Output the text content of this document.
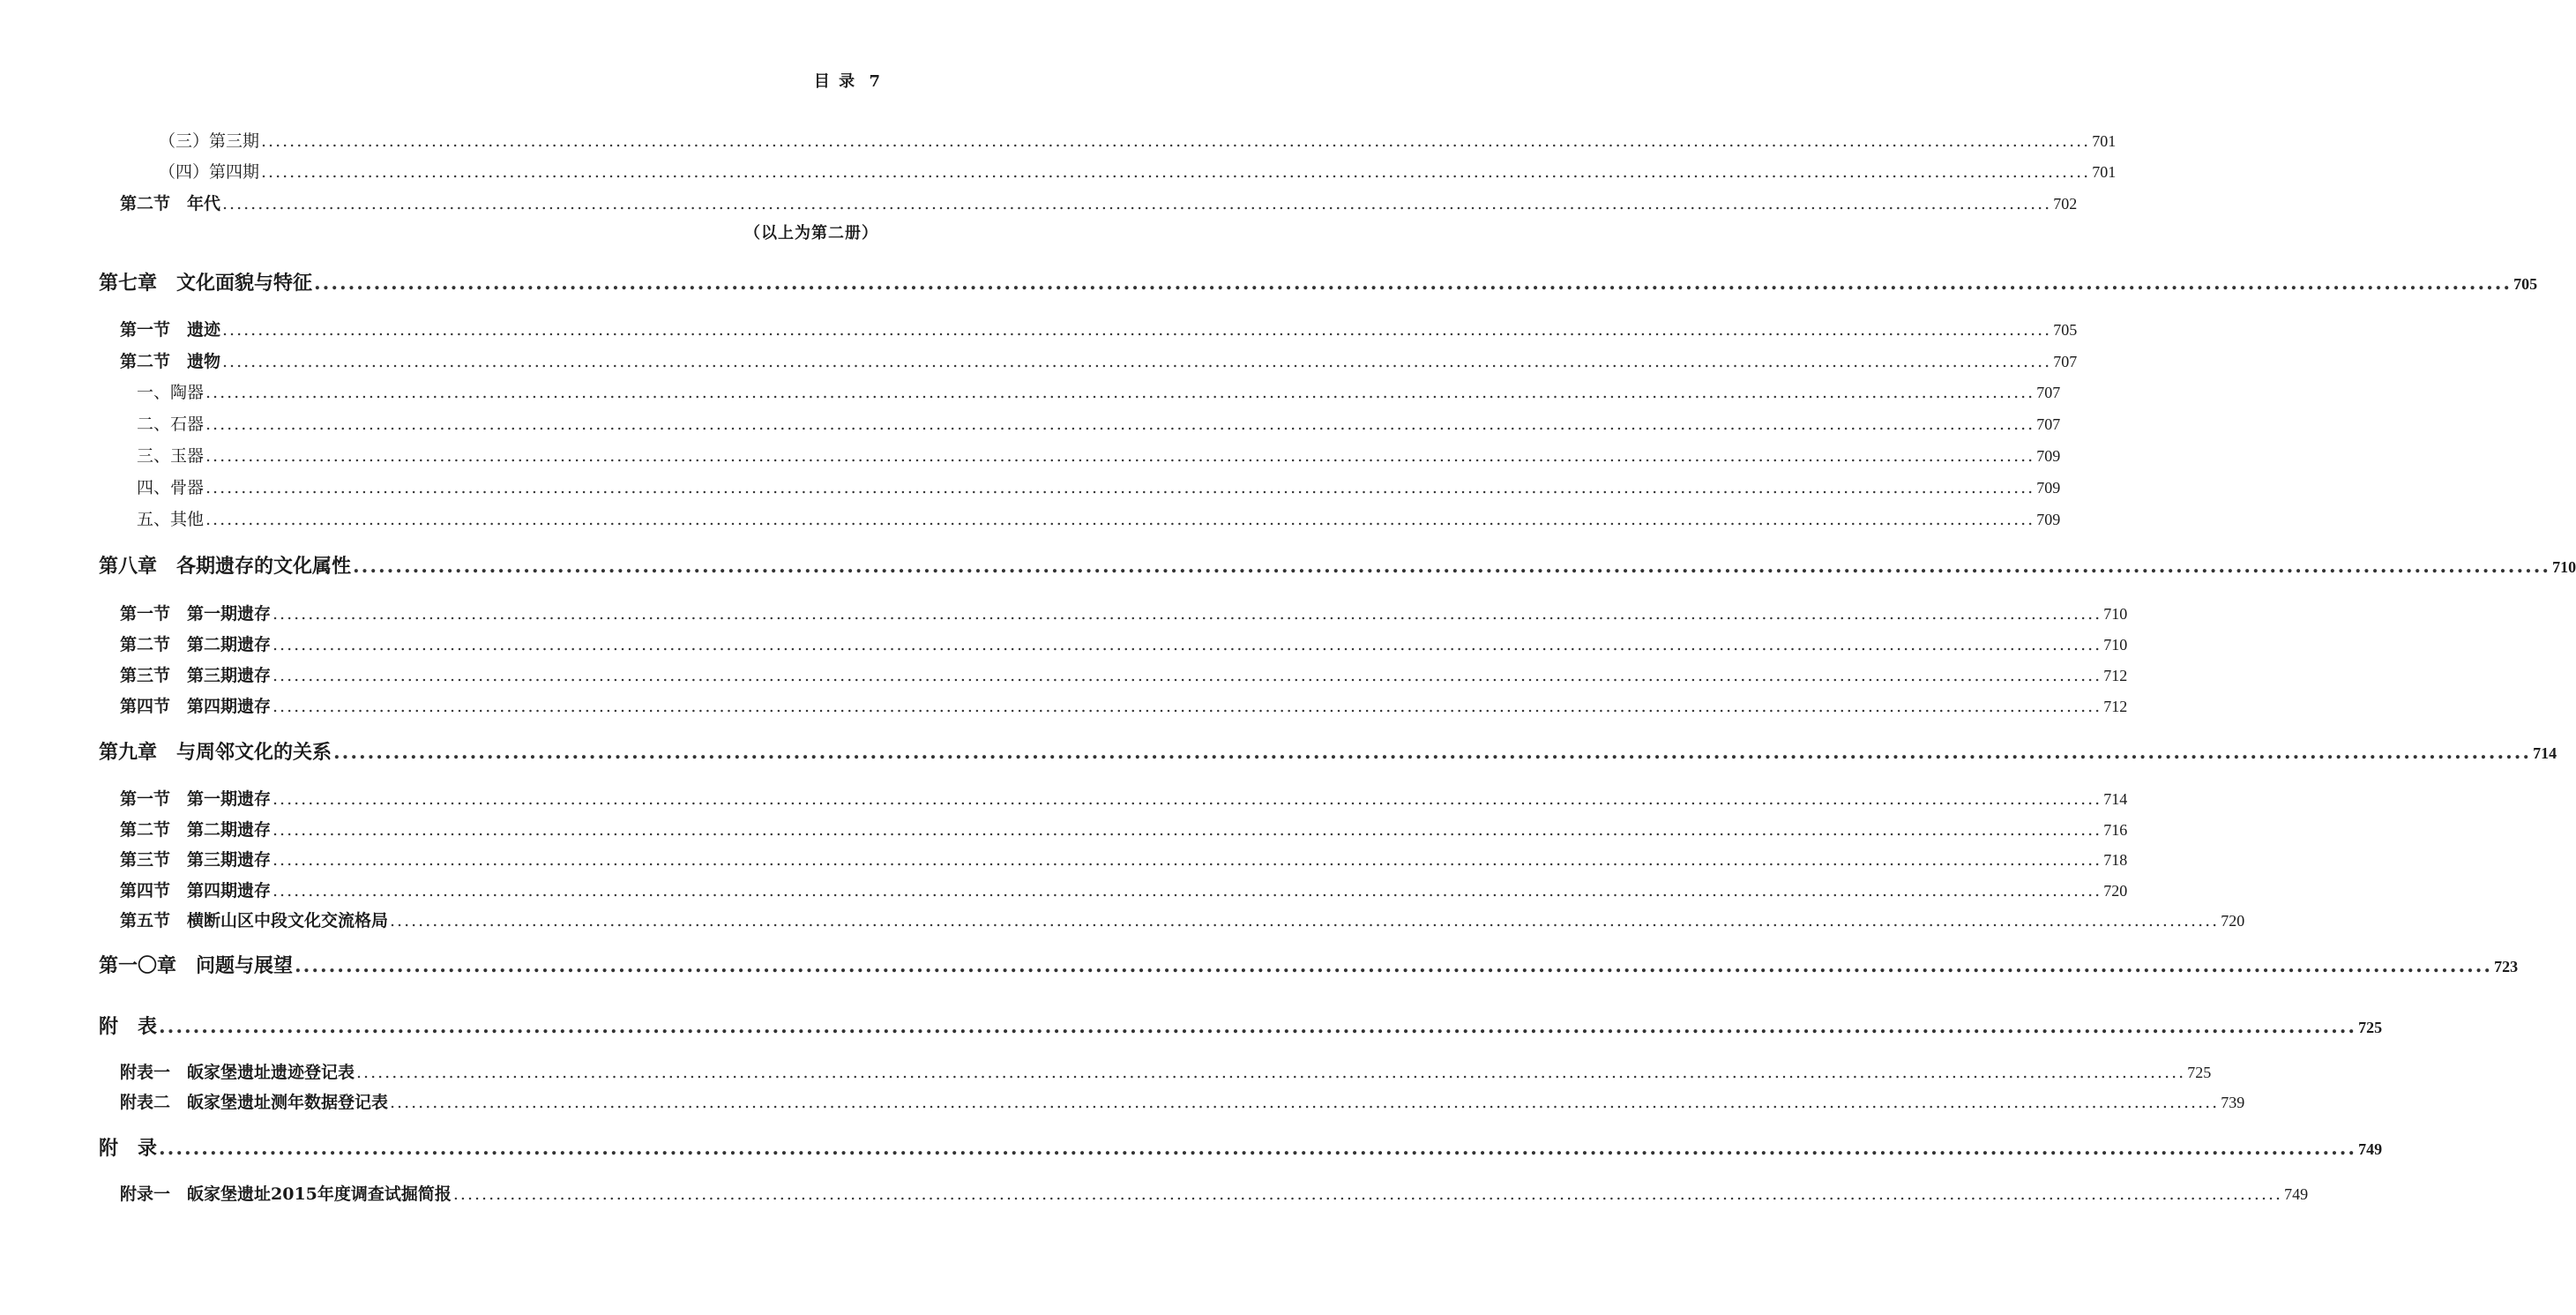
目 录 7
（三）第三期 .....	701
（四）第四期 .....	701
第二节　年代 .....	702
（以上为第二册）
第七章　文化面貌与特征 .....	705
第一节　遗迹 .....	705
第二节　遗物 .....	707
一、陶器 .....	707
二、石器 .....	707
三、玉器 .....	709
四、骨器 .....	709
五、其他 .....	709
第八章　各期遗存的文化属性 .....	710
第一节　第一期遗存 .....	710
第二节　第二期遗存 .....	710
第三节　第三期遗存 .....	712
第四节　第四期遗存 .....	712
第九章　与周邻文化的关系 .....	714
第一节　第一期遗存 .....	714
第二节　第二期遗存 .....	716
第三节　第三期遗存 .....	718
第四节　第四期遗存 .....	720
第五节　横断山区中段文化交流格局 .....	720
第一〇章　问题与展望 .....	723
附　表 .....	725
附表一　皈家堡遗址遗迹登记表 .....	725
附表二　皈家堡遗址测年数据登记表 .....	739
附　录 .....	749
附录一　皈家堡遗址2015年度调查试掘简报 .....	749
